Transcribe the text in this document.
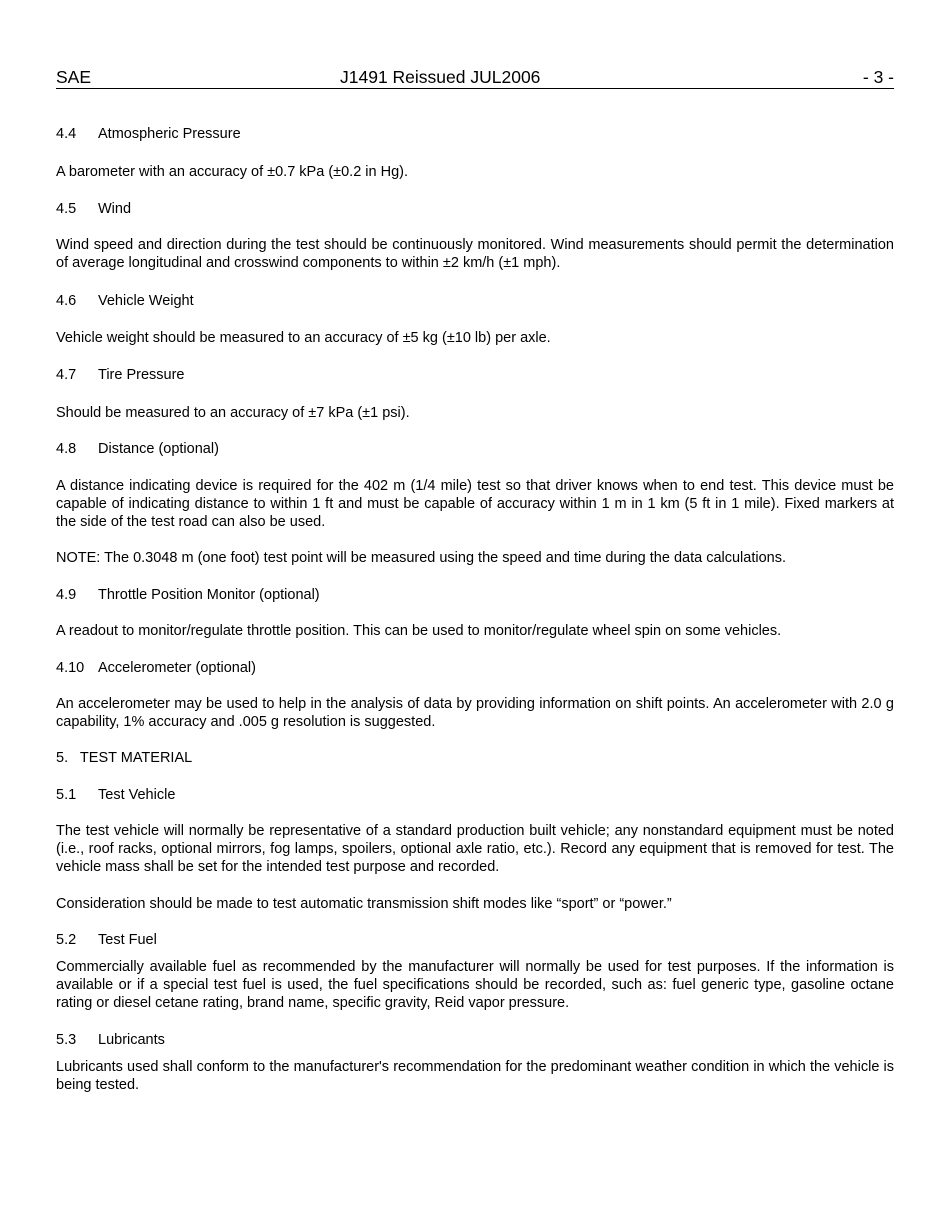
SAE	J1491 Reissued JUL2006	- 3 -
4.4 Atmospheric Pressure

A barometer with an accuracy of ±0.7 kPa (±0.2 in Hg).

4.5 Wind

Wind speed and direction during the test should be continuously monitored. Wind measurements should permit the determination of average longitudinal and crosswind components to within ±2 km/h (±1 mph).

4.6 Vehicle Weight

Vehicle weight should be measured to an accuracy of ±5 kg (±10 lb) per axle.

4.7 Tire Pressure

Should be measured to an accuracy of ±7 kPa (±1 psi).

4.8 Distance (optional)

A distance indicating device is required for the 402 m (1/4 mile) test so that driver knows when to end test. This device must be capable of indicating distance to within 1 ft and must be capable of accuracy within 1 m in 1 km (5 ft in 1 mile). Fixed markers at the side of the test road can also be used.

NOTE: The 0.3048 m (one foot) test point will be measured using the speed and time during the data calculations.

4.9 Throttle Position Monitor (optional)

A readout to monitor/regulate throttle position. This can be used to monitor/regulate wheel spin on some vehicles.

4.10 Accelerometer (optional)

An accelerometer may be used to help in the analysis of data by providing information on shift points. An accelerometer with 2.0 g capability, 1% accuracy and .005 g resolution is suggested.

5.   TEST MATERIAL
5.1 Test Vehicle

The test vehicle will normally be representative of a standard production built vehicle; any nonstandard equipment must be noted (i.e., roof racks, optional mirrors, fog lamps, spoilers, optional axle ratio, etc.). Record any equipment that is removed for test. The vehicle mass shall be set for the intended test purpose and recorded.

Consideration should be made to test automatic transmission shift modes like “sport” or “power.”

5.2 Test Fuel

Commercially available fuel as recommended by the manufacturer will normally be used for test purposes. If the information is available or if a special test fuel is used, the fuel specifications should be recorded, such as: fuel generic type, gasoline octane rating or diesel cetane rating, brand name, specific gravity, Reid vapor pressure.

5.3 Lubricants

Lubricants used shall conform to the manufacturer's recommendation for the predominant weather condition in which the vehicle is being tested.
